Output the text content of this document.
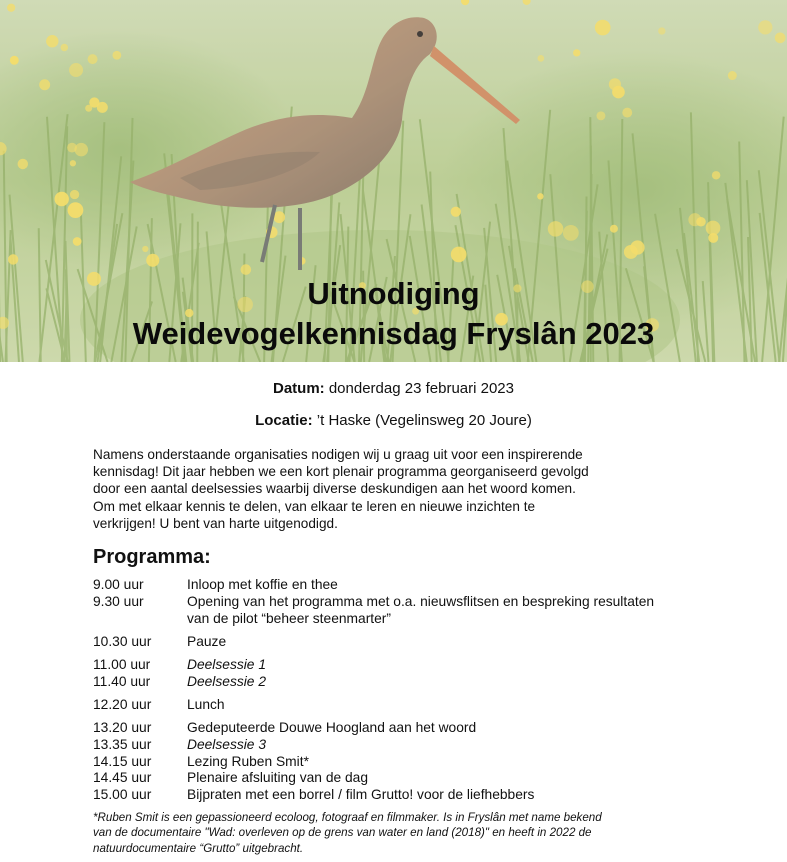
Uitnodiging
Weidevogelkennisdag Fryslân 2023
Datum: donderdag 23 februari 2023
Locatie: ’t Haske (Vegelinsweg 20 Joure)

Namens onderstaande organisaties nodigen wij u graag uit voor een inspirerende

kennisdag! Dit jaar hebben we een kort plenair programma georganiseerd gevolgd

door een aantal deelsessies waarbij diverse deskundigen aan het woord komen.

Om met elkaar kennis te delen, van elkaar te leren en nieuwe inzichten te

verkrijgen! U bent van harte uitgenodigd.

Programma:
9.00 uur	Inloop met koffie en thee
9.30 uur	Opening van het programma met o.a. nieuwsflitsen en bespreking resultaten
van de pilot “beheer steenmarter”
10.30 uur	Pauze
11.00 uur	Deelsessie 1
11.40 uur	Deelsessie 2
12.20 uur	Lunch
13.20 uur	Gedeputeerde Douwe Hoogland aan het woord
13.35 uur	Deelsessie 3
14.15 uur	Lezing Ruben Smit*
14.45 uur	Plenaire afsluiting van de dag
15.00 uur	Bijpraten met een borrel / film Grutto! voor de liefhebbers
*Ruben Smit is een gepassioneerd ecoloog, fotograaf en filmmaker. Is in Fryslân met name bekend
van de documentaire "Wad: overleven op de grens van water en land (2018)" en heeft in 2022 de
natuurdocumentaire “Grutto” uitgebracht.
